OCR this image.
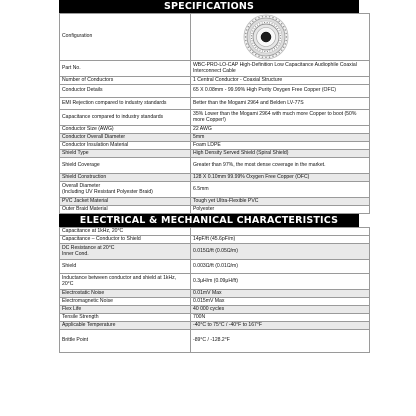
SPECIFICATIONS
Configuration	

Part No.	WBC-PRO-LO-CAP High-Definition Low Capacitance Audiophile Coaxial Interconnect Cable
Number of Conductors	1 Central Conductor - Coaxial Structure
Conductor Details	65 X 0.08mm - 99.99% High Purity Oxygen Free Copper (OFC)
EMI Rejection compared to industry standards	Better than the Mogami 2964 and Belden LV-77S
Capacitance compared to industry standards	35% Lower than the Mogami 2964 with much more Copper to boot (50% more Copper!)
Conductor Size (AWG)	22 AWG
Conductor Overall Diameter	5mm
Conductor Insulation Material	Foam LDPE
Shield Type	High Density Served Shield (Spiral Shield)
Shield Coverage	Greater than 97%, the most dense coverage in the market.
Shield Construction	128 X 0.10mm 99.99% Oxygen Free Copper (OFC)
Overall Diameter
(Including UV Resistant Polyester Braid)	6.5mm
PVC Jacket Material	Tough yet Ultra-Flexible PVC
Outer Braid Material	Polyester
ELECTRICAL & MECHANICAL CHARACTERISTICS
Capacitance at 1kHz, 20°C	
Capacitance – Conductor to Shield	14pF/ft (45.6pF/m)
DC Resistance at 20°C
Inner Cond.	0.015Ω/ft (0.05Ω/m)
Shield	0.003Ω/ft (0.01Ω/m)
Inductance between conductor and shield at 1kHz, 20°C	0.3μH/m (0.09μH/ft)
Electrostatic Noise	0.01mV Max
Electromagnetic Noise	0.015mV Max
Flex Life	40 000 cycles
Tensile Strength	700N
Applicable Temperature	-40°C to 75°C / -40°F to 167°F
Brittle Point	-89°C / -128.2°F
